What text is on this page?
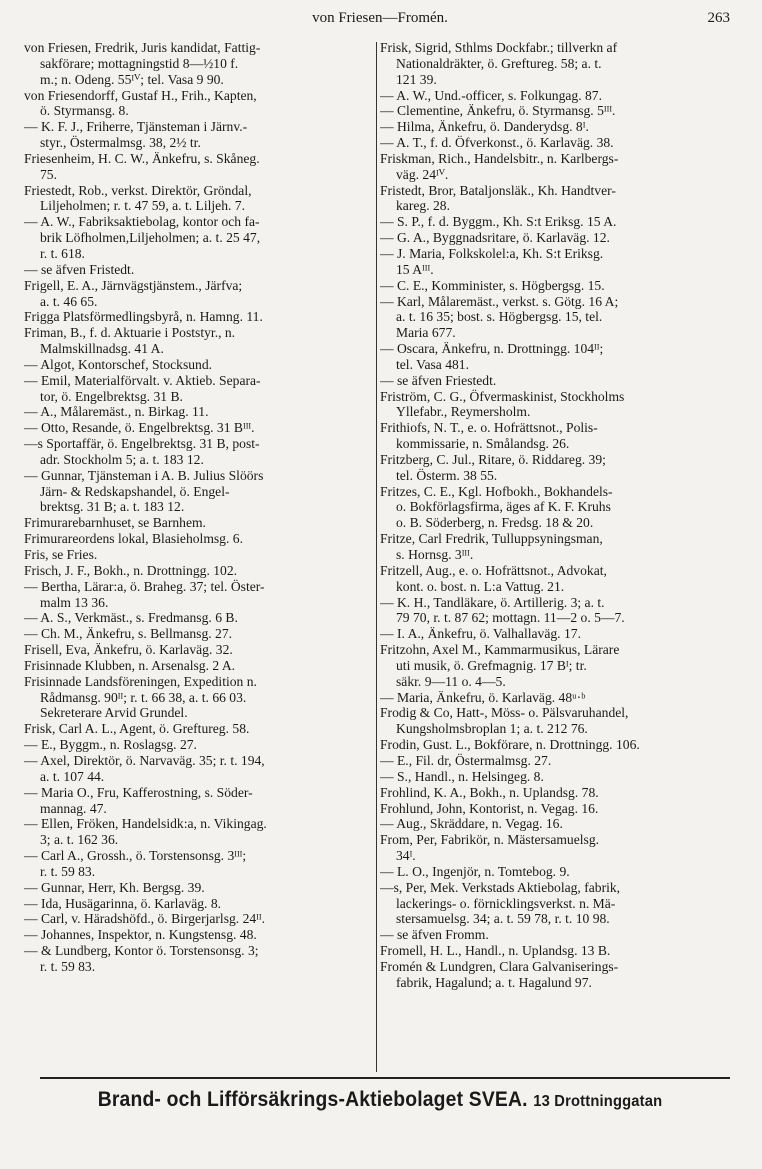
von Friesen—Fromén.	263
von Friesen, Fredrik, Juris kandidat, Fattig-
sakförare; mottagningstid 8—½10 f.
m.; n. Odeng. 55ᴵⱽ; tel. Vasa 9 90.
von Friesendorff, Gustaf H., Frih., Kapten,
ö. Styrmansg. 8.
— K. F. J., Friherre, Tjänsteman i Järnv.-
styr., Östermalmsg. 38, 2½ tr.
Friesenheim, H. C. W., Änkefru, s. Skåneg.
75.
Friestedt, Rob., verkst. Direktör, Gröndal,
Liljeholmen; r. t. 47 59, a. t. Liljeh. 7.
— A. W., Fabriksaktiebolag, kontor och fa-
brik Löfholmen,Liljeholmen; a. t. 25 47,
r. t. 618.
— se äfven Fristedt.
Frigell, E. A., Järnvägstjänstem., Järfva;
a. t. 46 65.
Frigga Platsförmedlingsbyrå, n. Hamng. 11.
Friman, B., f. d. Aktuarie i Poststyr., n.
Malmskillnadsg. 41 A.
— Algot, Kontorschef, Stocksund.
— Emil, Materialförvalt. v. Aktieb. Separa-
tor, ö. Engelbrektsg. 31 B.
— A., Målaremäst., n. Birkag. 11.
— Otto, Resande, ö. Engelbrektsg. 31 Bᴵᴵᴵ.
—s Sportaffär, ö. Engelbrektsg. 31 B, post-
adr. Stockholm 5; a. t. 183 12.
— Gunnar, Tjänsteman i A. B. Julius Slöörs
Järn- & Redskapshandel, ö. Engel-
brektsg. 31 B; a. t. 183 12.
Frimurarebarnhuset, se Barnhem.
Frimurareordens lokal, Blasieholmsg. 6.
Fris, se Fries.
Frisch, J. F., Bokh., n. Drottningg. 102.
— Bertha, Lärar:a, ö. Braheg. 37; tel. Öster-
malm 13 36.
— A. S., Verkmäst., s. Fredmansg. 6 B.
— Ch. M., Änkefru, s. Bellmansg. 27.
Frisell, Eva, Änkefru, ö. Karlaväg. 32.
Frisinnade Klubben, n. Arsenalsg. 2 A.
Frisinnade Landsföreningen, Expedition n.
Rådmansg. 90ᴵᴵ; r. t. 66 38, a. t. 66 03.
Sekreterare Arvid Grundel.
Frisk, Carl A. L., Agent, ö. Greftureg. 58.
— E., Byggm., n. Roslagsg. 27.
— Axel, Direktör, ö. Narvaväg. 35; r. t. 194,
a. t. 107 44.
— Maria O., Fru, Kafferostning, s. Söder-
mannag. 47.
— Ellen, Fröken, Handelsidk:a, n. Vikingag.
3; a. t. 162 36.
— Carl A., Grossh., ö. Torstensonsg. 3ᴵᴵᴵ;
r. t. 59 83.
— Gunnar, Herr, Kh. Bergsg. 39.
— Ida, Husägarinna, ö. Karlaväg. 8.
— Carl, v. Häradshöfd., ö. Birgerjarlsg. 24ᴵᴵ.
— Johannes, Inspektor, n. Kungstensg. 48.
— & Lundberg, Kontor ö. Torstensonsg. 3;
r. t. 59 83.
Frisk, Sigrid, Sthlms Dockfabr.; tillverkn af
Nationaldräkter, ö. Greftureg. 58; a. t.
121 39.
— A. W., Und.-officer, s. Folkungag. 87.
— Clementine, Änkefru, ö. Styrmansg. 5ᴵᴵᴵ.
— Hilma, Änkefru, ö. Danderydsg. 8ᴵ.
— A. T., f. d. Öfverkonst., ö. Karlaväg. 38.
Friskman, Rich., Handelsbitr., n. Karlbergs-
väg. 24ᴵⱽ.
Fristedt, Bror, Bataljonsläk., Kh. Handtver-
kareg. 28.
— S. P., f. d. Byggm., Kh. S:t Eriksg. 15 A.
— G. A., Byggnadsritare, ö. Karlaväg. 12.
— J. Maria, Folkskolel:a, Kh. S:t Eriksg.
15 Aᴵᴵᴵ.
— C. E., Komminister, s. Högbergsg. 15.
— Karl, Målaremäst., verkst. s. Götg. 16 A;
a. t. 16 35; bost. s. Högbergsg. 15, tel.
Maria 677.
— Oscara, Änkefru, n. Drottningg. 104ᴵᴵ;
tel. Vasa 481.
— se äfven Friestedt.
Friström, C. G., Öfvermaskinist, Stockholms
Yllefabr., Reymersholm.
Frithiofs, N. T., e. o. Hofrättsnot., Polis-
kommissarie, n. Smålandsg. 26.
Fritzberg, C. Jul., Ritare, ö. Riddareg. 39;
tel. Österm. 38 55.
Fritzes, C. E., Kgl. Hofbokh., Bokhandels-
o. Bokförlagsfirma, äges af K. F. Kruhs
o. B. Söderberg, n. Fredsg. 18 & 20.
Fritze, Carl Fredrik, Tulluppsyningsman,
s. Hornsg. 3ᴵᴵᴵ.
Fritzell, Aug., e. o. Hofrättsnot., Advokat,
kont. o. bost. n. L:a Vattug. 21.
— K. H., Tandläkare, ö. Artillerig. 3; a. t.
79 70, r. t. 87 62; mottagn. 11—2 o. 5—7.
— I. A., Änkefru, ö. Valhallaväg. 17.
Fritzohn, Axel M., Kammarmusikus, Lärare
uti musik, ö. Grefmagnig. 17 Bᴵ; tr.
säkr. 9—11 o. 4—5.
— Maria, Änkefru, ö. Karlaväg. 48ᵘ·ᵇ
Frodig & Co, Hatt-, Möss- o. Pälsvaruhandel,
Kungsholmsbroplan 1; a. t. 212 76.
Frodin, Gust. L., Bokförare, n. Drottningg. 106.
— E., Fil. dr, Östermalmsg. 27.
— S., Handl., n. Helsingeg. 8.
Frohlind, K. A., Bokh., n. Uplandsg. 78.
Frohlund, John, Kontorist, n. Vegag. 16.
— Aug., Skräddare, n. Vegag. 16.
From, Per, Fabrikör, n. Mästersamuelsg.
34ᴵ.
— L. O., Ingenjör, n. Tomtebog. 9.
—s, Per, Mek. Verkstads Aktiebolag, fabrik,
lackerings- o. förnicklingsverkst. n. Mä-
stersamuelsg. 34; a. t. 59 78, r. t. 10 98.
— se äfven Fromm.
Fromell, H. L., Handl., n. Uplandsg. 13 B.
Fromén & Lundgren, Clara Galvaniserings-
fabrik, Hagalund; a. t. Hagalund 97.
Brand- och Lifförsäkrings-Aktiebolaget SVEA. 13 Drottninggatan
